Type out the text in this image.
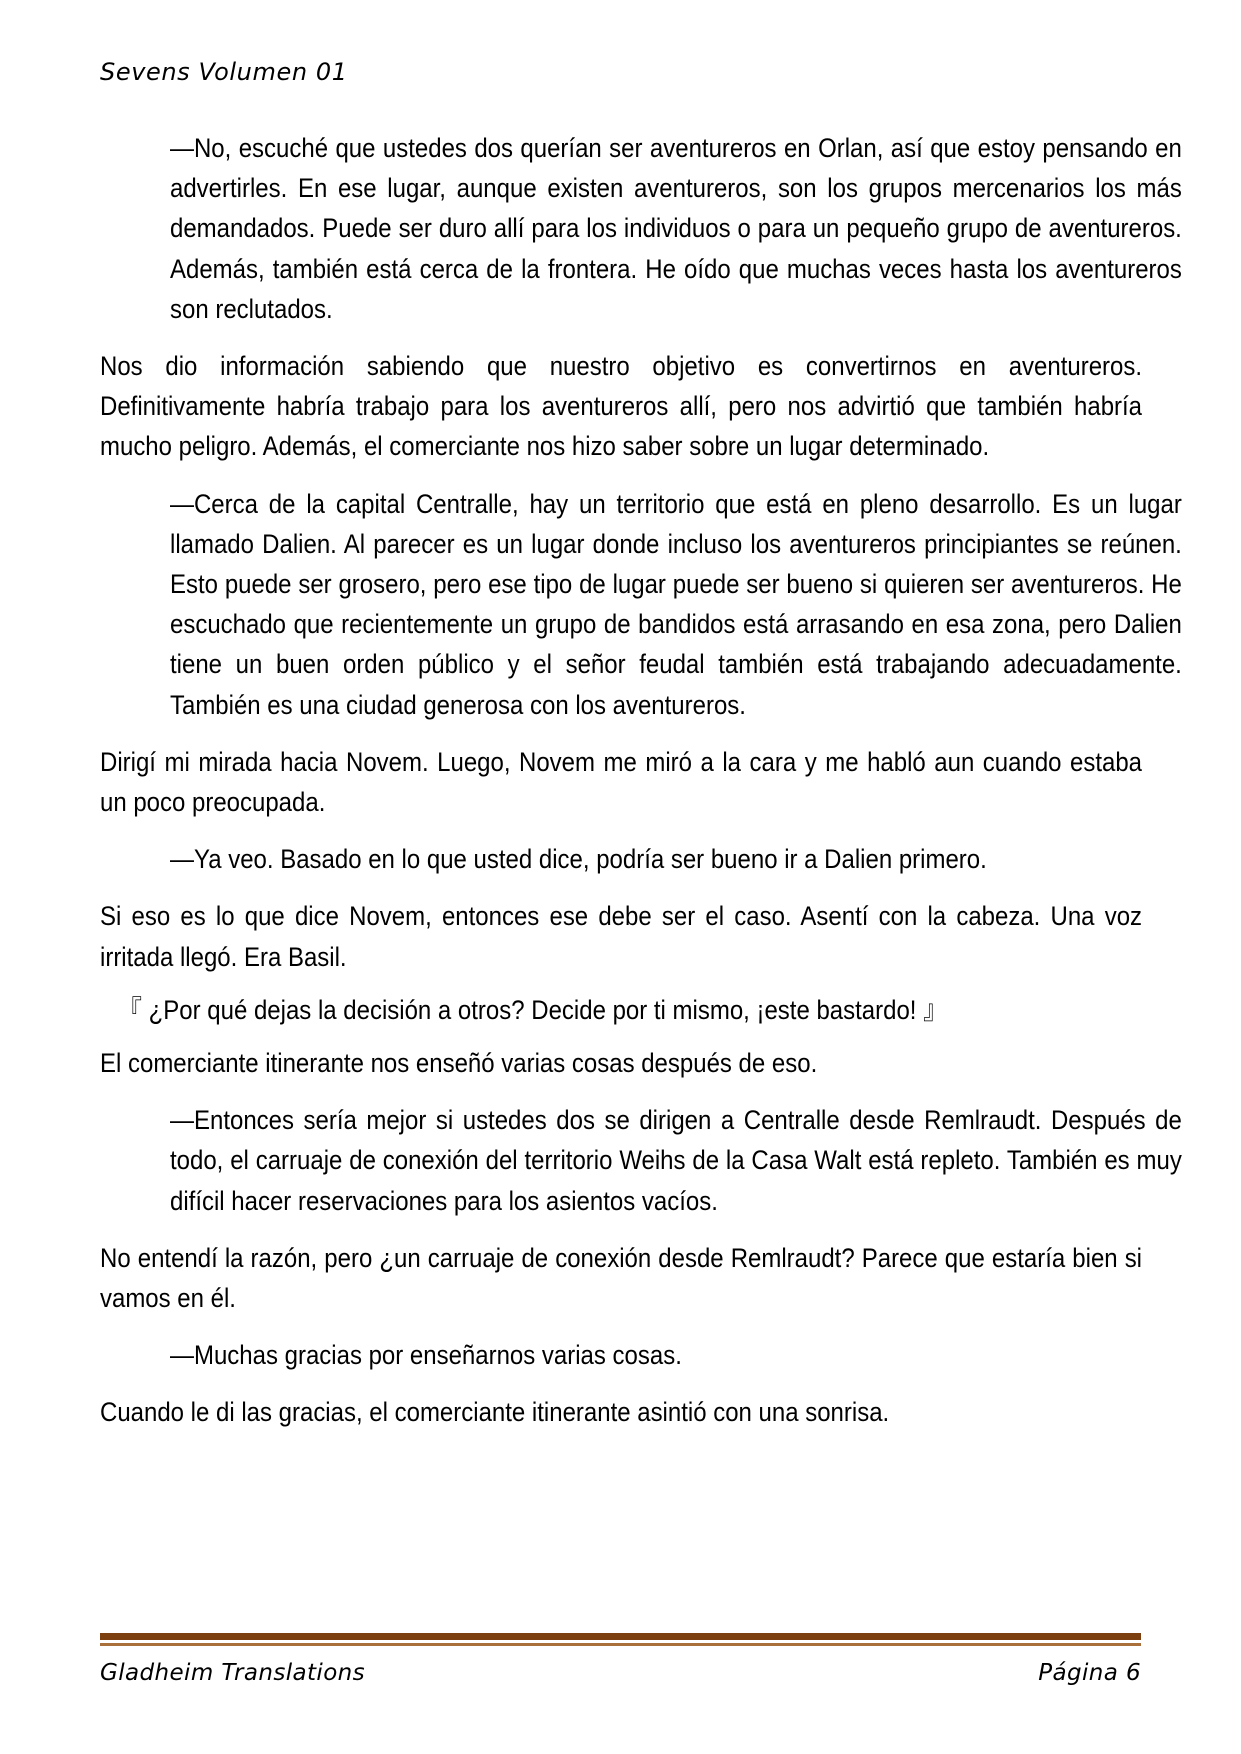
Sevens Volumen 01

—No, escuché que ustedes dos querían ser aventureros en Orlan, así que estoy pensando en advertirles. En ese lugar, aunque existen aventureros, son los grupos mercenarios los más demandados. Puede ser duro allí para los individuos o para un pequeño grupo de aventureros. Además, también está cerca de la frontera. He oído que muchas veces hasta los aventureros son reclutados.

Nos dio información sabiendo que nuestro objetivo es convertirnos en aventureros. Definitivamente habría trabajo para los aventureros allí, pero nos advirtió que también habría mucho peligro. Además, el comerciante nos hizo saber sobre un lugar determinado.

—Cerca de la capital Centralle, hay un territorio que está en pleno desarrollo. Es un lugar llamado Dalien. Al parecer es un lugar donde incluso los aventureros principiantes se reúnen. Esto puede ser grosero, pero ese tipo de lugar puede ser bueno si quieren ser aventureros. He escuchado que recientemente un grupo de bandidos está arrasando en esa zona, pero Dalien tiene un buen orden público y el señor feudal también está trabajando adecuadamente. También es una ciudad generosa con los aventureros.

Dirigí mi mirada hacia Novem. Luego, Novem me miró a la cara y me habló aun cuando estaba un poco preocupada.

—Ya veo. Basado en lo que usted dice, podría ser bueno ir a Dalien primero.

Si eso es lo que dice Novem, entonces ese debe ser el caso. Asentí con la cabeza. Una voz irritada llegó. Era Basil.

『 ¿Por qué dejas la decisión a otros? Decide por ti mismo, ¡este bastardo! 』

El comerciante itinerante nos enseñó varias cosas después de eso.

—Entonces sería mejor si ustedes dos se dirigen a Centralle desde Remlraudt. Después de todo, el carruaje de conexión del territorio Weihs de la Casa Walt está repleto. También es muy difícil hacer reservaciones para los asientos vacíos.

No entendí la razón, pero ¿un carruaje de conexión desde Remlraudt? Parece que estaría bien si vamos en él.

—Muchas gracias por enseñarnos varias cosas.

Cuando le di las gracias, el comerciante itinerante asintió con una sonrisa.

Gladheim Translations	Página 6
